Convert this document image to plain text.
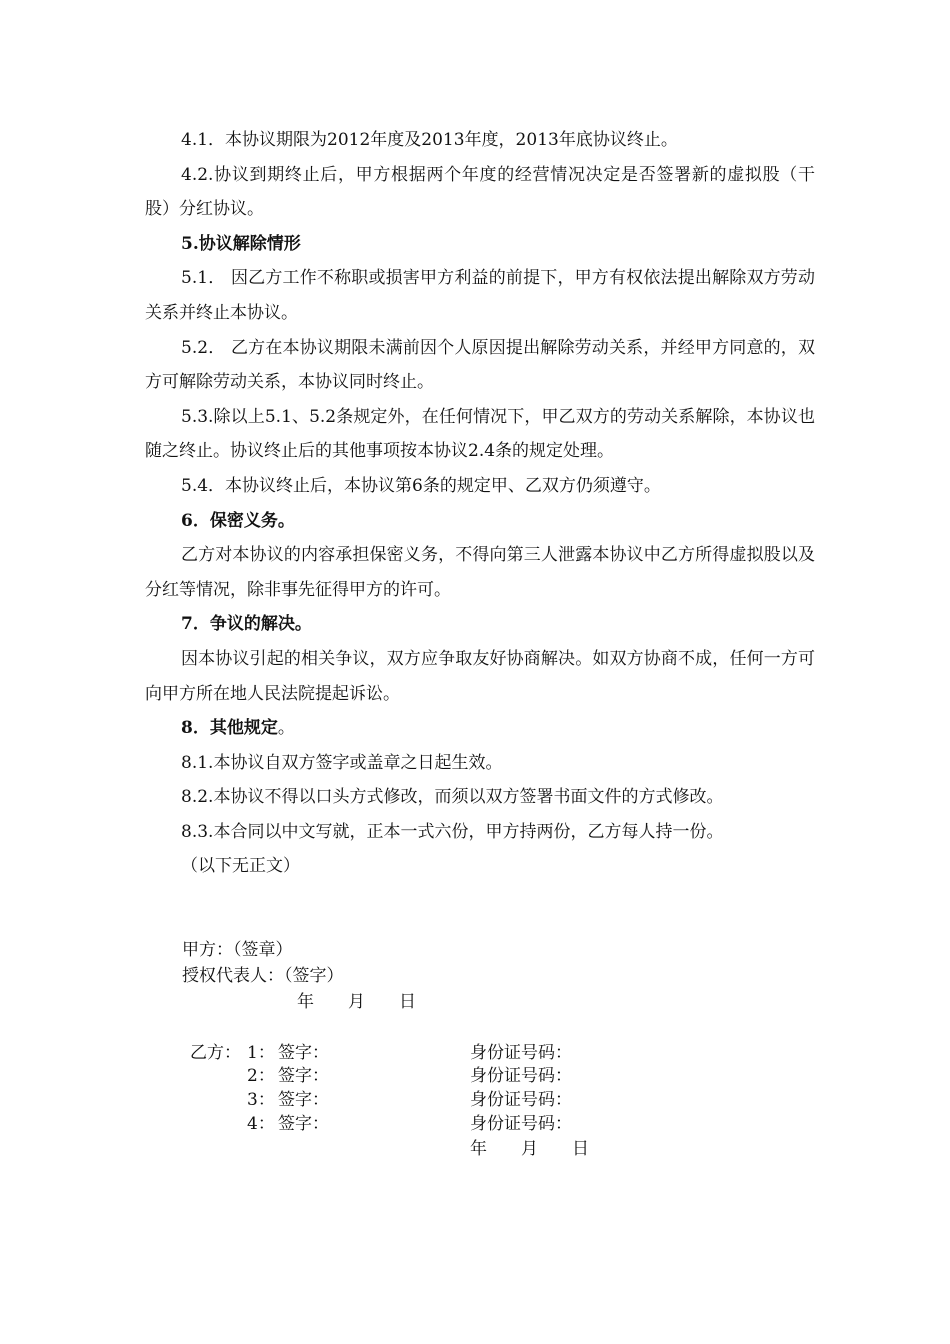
4.1．本协议期限为2012年度及2013年度，2013年底协议终止。

4.2.协议到期终止后，甲方根据两个年度的经营情况决定是否签署新的虚拟股（干股）分红协议。

5.协议解除情形

5.1． 因乙方工作不称职或损害甲方利益的前提下，甲方有权依法提出解除双方劳动关系并终止本协议。

5.2． 乙方在本协议期限未满前因个人原因提出解除劳动关系，并经甲方同意的，双方可解除劳动关系，本协议同时终止。

5.3.除以上5.1、5.2条规定外，在任何情况下，甲乙双方的劳动关系解除，本协议也随之终止。协议终止后的其他事项按本协议2.4条的规定处理。

5.4．本协议终止后，本协议第6条的规定甲、乙双方仍须遵守。

6．保密义务。

乙方对本协议的内容承担保密义务，不得向第三人泄露本协议中乙方所得虚拟股以及分红等情况，除非事先征得甲方的许可。

7．争议的解决。

因本协议引起的相关争议，双方应争取友好协商解决。如双方协商不成，任何一方可向甲方所在地人民法院提起诉讼。

8．其他规定。

8.1.本协议自双方签字或盖章之日起生效。

8.2.本协议不得以口头方式修改，而须以双方签署书面文件的方式修改。

8.3.本合同以中文写就，正本一式六份，甲方持两份，乙方每人持一份。

（以下无正文）

甲方：（签章）
授权代表人：（签字）
年　　月　　日
乙方： 1： 签字：	身份证号码：
2： 签字：	身份证号码：
3： 签字：	身份证号码：
4： 签字：	身份证号码：
年　　月　　日
